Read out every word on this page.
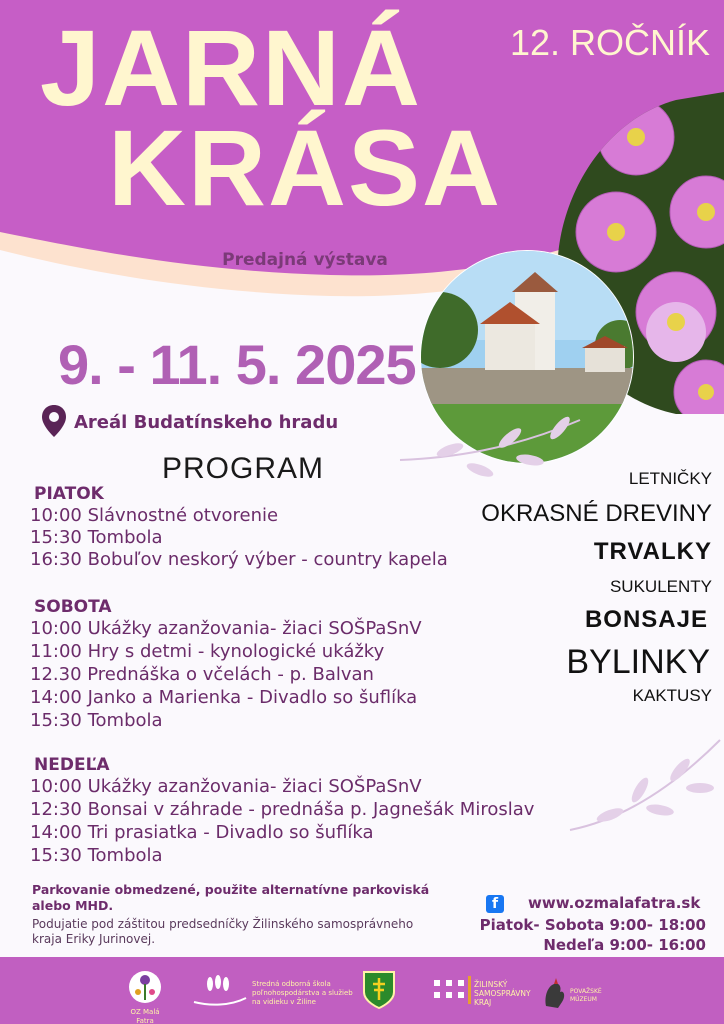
JARNÁ
KRÁSA
12. ROČNÍK
Predajná výstava
9. - 11. 5. 2025
Areál Budatínskeho hradu
PROGRAM
PIATOK
10:00 Slávnostné otvorenie
15:30 Tombola
16:30 Bobuľov neskorý výber - country kapela
SOBOTA
10:00 Ukážky azanžovania- žiaci SOŠPaSnV
11:00 Hry s detmi - kynologické ukážky
12.30 Prednáška o včelách - p. Balvan
14:00 Janko a Marienka - Divadlo so šuflíka
15:30 Tombola
NEDEĽA
10:00 Ukážky azanžovania- žiaci SOŠPaSnV
12:30 Bonsai v záhrade - prednáša p. Jagnešák Miroslav
14:00 Tri prasiatka - Divadlo so šuflíka
15:30 Tombola
LETNIČKY
OKRASNÉ DREVINY
TRVALKY
SUKULENTY
BONSAJE
BYLINKY
KAKTUSY
Parkovanie obmedzené, použite alternatívne parkoviská alebo MHD.
Podujatie pod záštitou predsedníčky Žilinského samosprávneho kraja Eriky Jurinovej.
f	www.ozmalafatra.sk
Piatok- Sobota 9:00- 18:00
Nedeľa 9:00- 16:00
OZ Malá Fatra
Stredná odborná škola poľnohospodárstva a služieb na vidieku v Žiline
ŽILINSKÝ SAMOSPRÁVNY KRAJ
POVAŽSKÉ MÚZEUM
